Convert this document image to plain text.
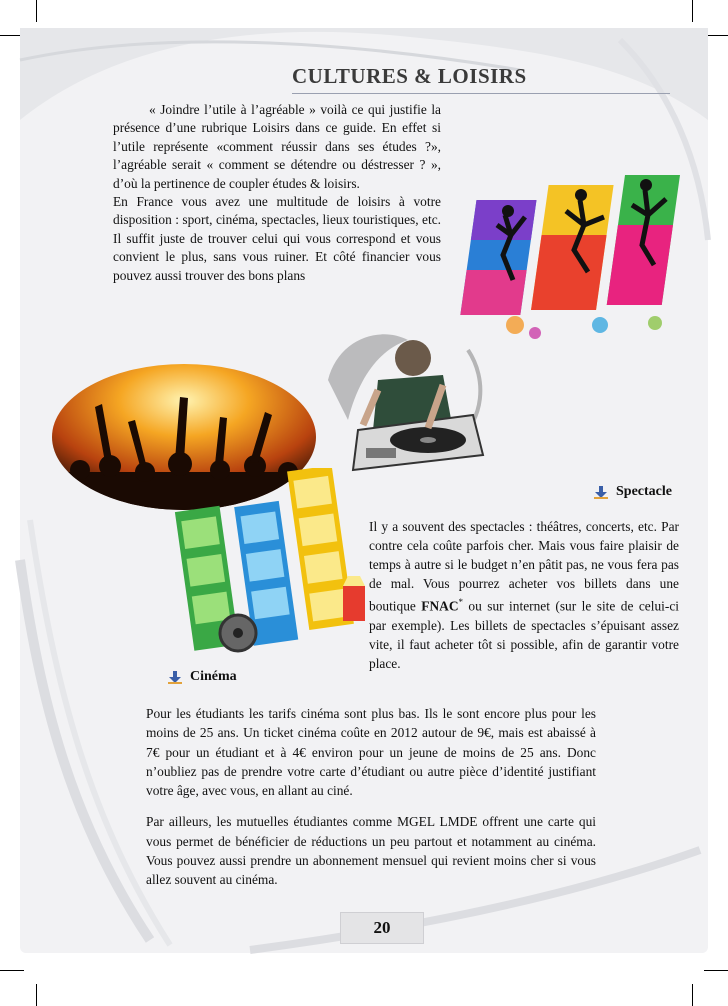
CULTURES & LOISIRS

« Joindre l’utile à l’agréable » voilà ce qui justifie la présence d’une rubrique Loisirs dans ce guide. En effet si l’utile représente «comment réussir dans ses études ?», l’agréable serait « comment se détendre ou déstresser ? », d’où la pertinence de coupler études & loisirs.

En France vous avez une multitude de loisirs à votre disposition : sport, cinéma, spectacles, lieux touristiques, etc. Il suffit juste de trouver celui qui vous correspond et vous convient le plus, sans vous ruiner. Et côté financier vous pouvez aussi trouver des bons plans

Spectacle
Il y a souvent des spectacles : théâtres, concerts, etc. Par contre cela coûte parfois cher. Mais vous faire plaisir de temps à autre si le budget n’en pâtit pas, ne vous fera pas de mal. Vous pourrez acheter vos billets dans une boutique FNAC* ou sur internet (sur le site de celui-ci par exemple). Les billets de spectacles s’épuisant assez vite, il faut acheter tôt si possible, afin de garantir votre place.
Cinéma

Pour les étudiants les tarifs cinéma sont plus bas. Ils le sont encore plus pour les moins de 25 ans. Un ticket cinéma coûte en 2012 autour de 9€, mais est abaissé à 7€ pour un étudiant et à 4€ environ pour un jeune de moins de 25 ans. Donc n’oubliez pas de prendre votre carte d’étudiant ou autre pièce d’identité justifiant votre âge, avec vous, en allant au ciné.

Par ailleurs, les mutuelles étudiantes comme MGEL LMDE offrent une carte qui vous permet de bénéficier de réductions un peu partout et notamment au cinéma. Vous pouvez aussi prendre un abonnement mensuel qui revient moins cher si vous allez souvent au cinéma.

20
